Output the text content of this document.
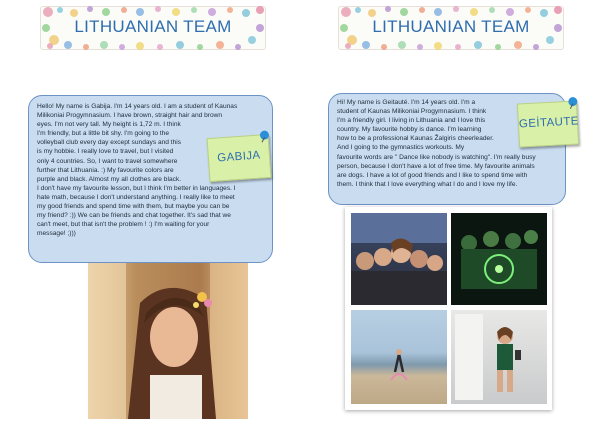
LITHUANIAN TEAM
Hello! My name is Gabija. I'm 14 years old. I am a student of Kaunas
Milikoniai Progymnasium. I have brown, straight hair and brown
eyes. I'm not very tall. My height is 1,72 m. I think
I'm friendly, but a little bit shy. I'm going to the
volleyball club every day except sundays and this
is my hobbie. I really love to travel, but I visited
only 4 countries. So, I want to travel somewhere
further that Lithuania. :) My favourite colors are
purple and black. Almost my all clothes are black.
I don't have my favourite lesson, but I think I'm better in languages. I
hate math, because I don't understand anything. I really like to meet
my good friends and spend time with them, but maybe you can be
my friend? :)) We can be friends and chat together. It's sad that we
can't meet, but that isn't the problem ! :) I'm waiting for your
message! ;)))
GABIJA
LITHUANIAN TEAM
Hi! My name is Geitauté. I'm 14 years old. I'm a
student of Kaunas Milikoniai Progymnasium. I think
I'm a friendly girl. I living in Lithuania and I love this
country. My favourite hobby is dance. I'm learning
how to be a professional Kaunas Žalgiris cheerleader.
And I going to the gymnastics workouts. My
favourite words are " Dance like nobody is watching". I'm really busy
person, because I don't have a lot of free time. My favourite animals
are dogs. I have a lot of good friends and I like to spend time with
them. I think that I love everything what I do and I love my life.
GEİTAUTE
